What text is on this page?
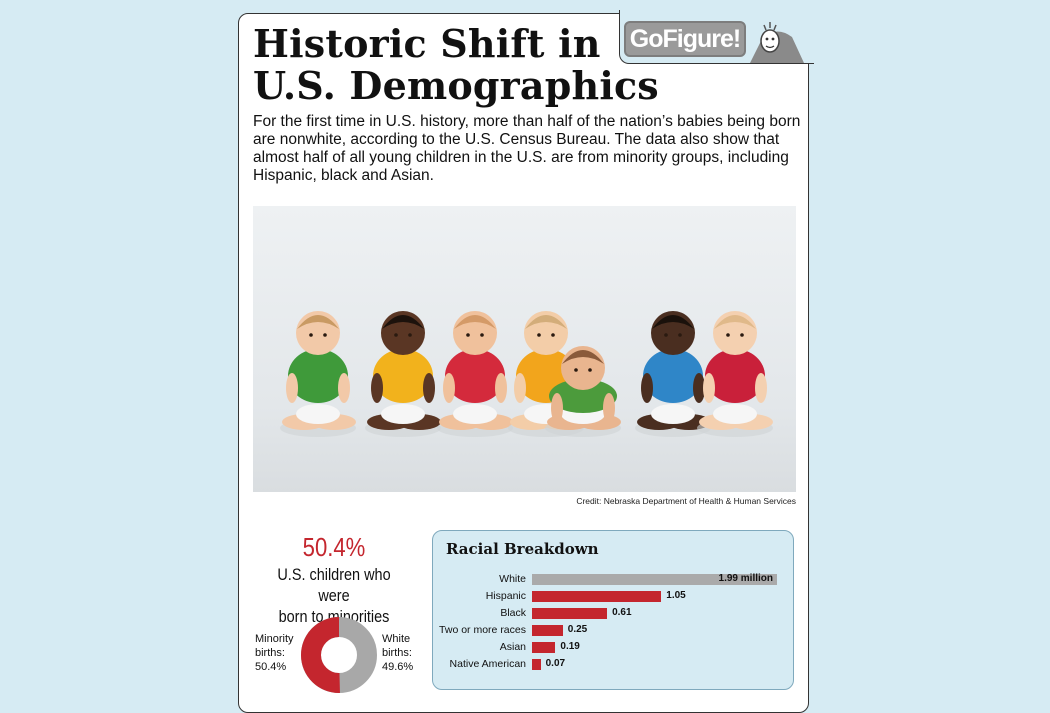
GoFigure!
Historic Shift in U.S. Demographics

For the first time in U.S. history, more than half of the nation’s babies being born are nonwhite, according to the U.S. Census Bureau. The data also show that almost half of all young children in the U.S. are from minority groups, including Hispanic, black and Asian.

Credit: Nebraska Department of Health & Human Services
50.4%
U.S. children who were
born to minorities
Minority
births:
50.4%
White
births:
49.6%
Racial Breakdown
White	1.99 million
Hispanic	1.05
Black	0.61
Two or more races	0.25
Asian	0.19
Native American 0.07
